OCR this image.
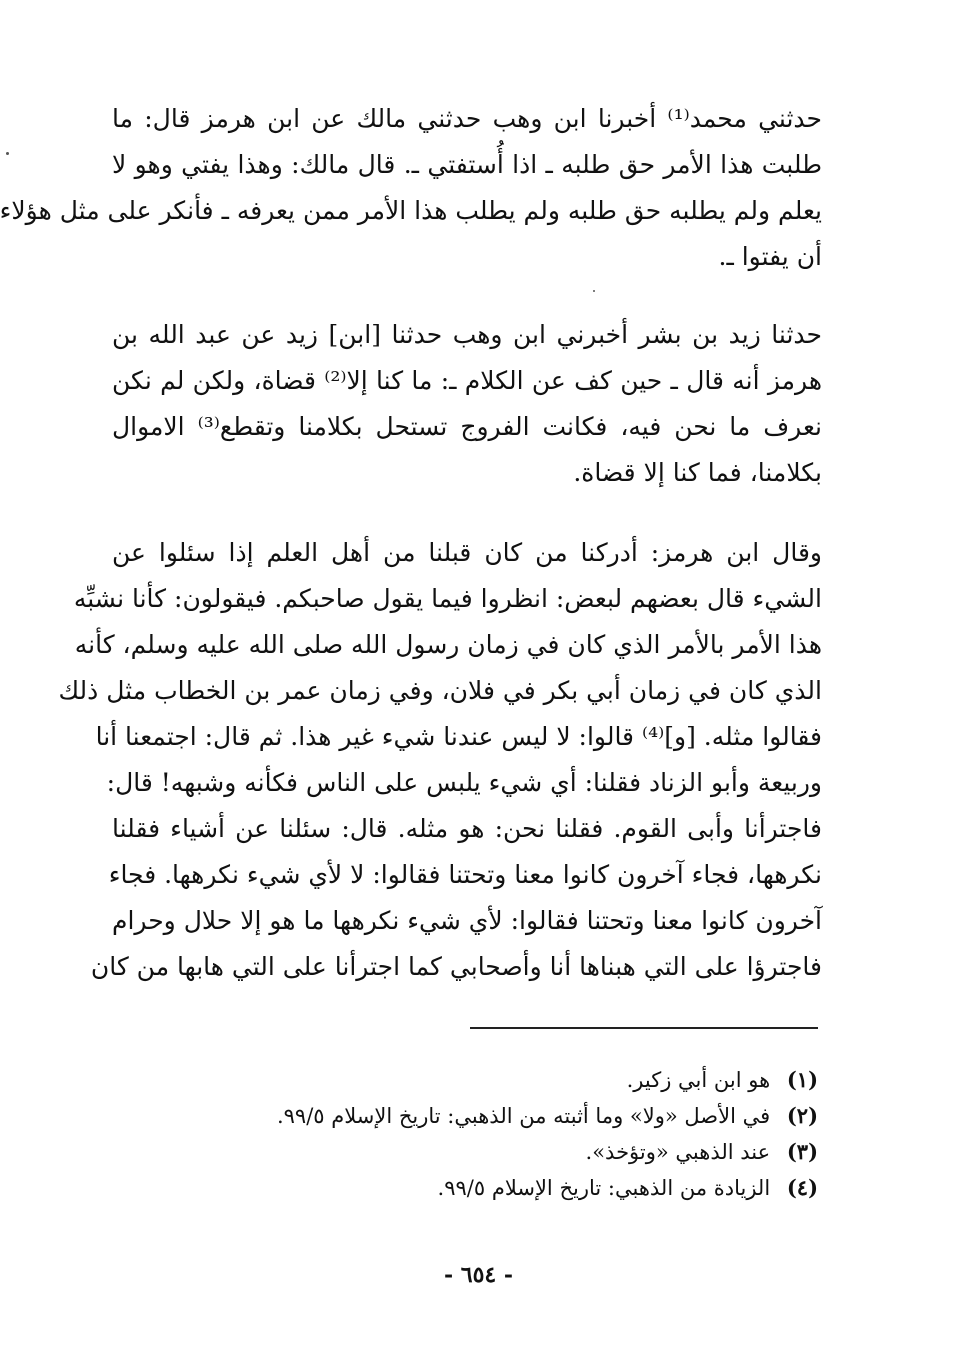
حدثني محمد⁽¹⁾ أخبرنا ابن وهب حدثني مالك عن ابن هرمز قال: ما
طلبت هذا الأمر حق طلبه ـ اذا أُستفتي ـ. قال مالك: وهذا يفتي وهو لا
يعلم ولم يطلبه حق طلبه ولم يطلب هذا الأمر ممن يعرفه ـ فأنكر على مثل هؤلاء
أن يفتوا ـ.
حدثنا زيد بن بشر أخبرني ابن وهب حدثنا [ابن] زيد عن عبد الله بن
هرمز أنه قال ـ حين كف عن الكلام ـ: ما كنا إلا⁽²⁾ قضاة، ولكن لم نكن
نعرف ما نحن فيه، فكانت الفروج تستحل بكلامنا وتقطع⁽³⁾ الاموال
بكلامنا، فما كنا إلا قضاة.
وقال ابن هرمز: أدركنا من كان قبلنا من أهل العلم إذا سئلوا عن
الشيء قال بعضهم لبعض: انظروا فيما يقول صاحبكم. فيقولون: كأنا نشبِّه
هذا الأمر بالأمر الذي كان في زمان رسول الله صلى الله عليه وسلم، كأنه
الذي كان في زمان أبي بكر في فلان، وفي زمان عمر بن الخطاب مثل ذلك
فقالوا مثله. [و]⁽⁴⁾ قالوا: لا ليس عندنا شيء غير هذا. ثم قال: اجتمعنا أنا
وربيعة وأبو الزناد فقلنا: أي شيء يلبس على الناس فكأنه وشبهه! قال:
فاجترأنا وأبى القوم. فقلنا نحن: هو مثله. قال: سئلنا عن أشياء فقلنا
نكرهها، فجاء آخرون كانوا معنا وتحتنا فقالوا: لا لأي شيء نكرهها. فجاء
آخرون كانوا معنا وتحتنا فقالوا: لأي شيء نكرهها ما هو إلا حلال وحرام
فاجترؤا على التي هبناها أنا وأصحابي كما اجترأنا على التي هابها من كان
(١) هو ابن أبي زكير.
(٢) في الأصل «ولا» وما أثبته من الذهبي: تاريخ الإسلام ٩٩/٥.
(٣) عند الذهبي «وتؤخذ».
(٤) الزيادة من الذهبي: تاريخ الإسلام ٩٩/٥.
- ٦٥٤ -
